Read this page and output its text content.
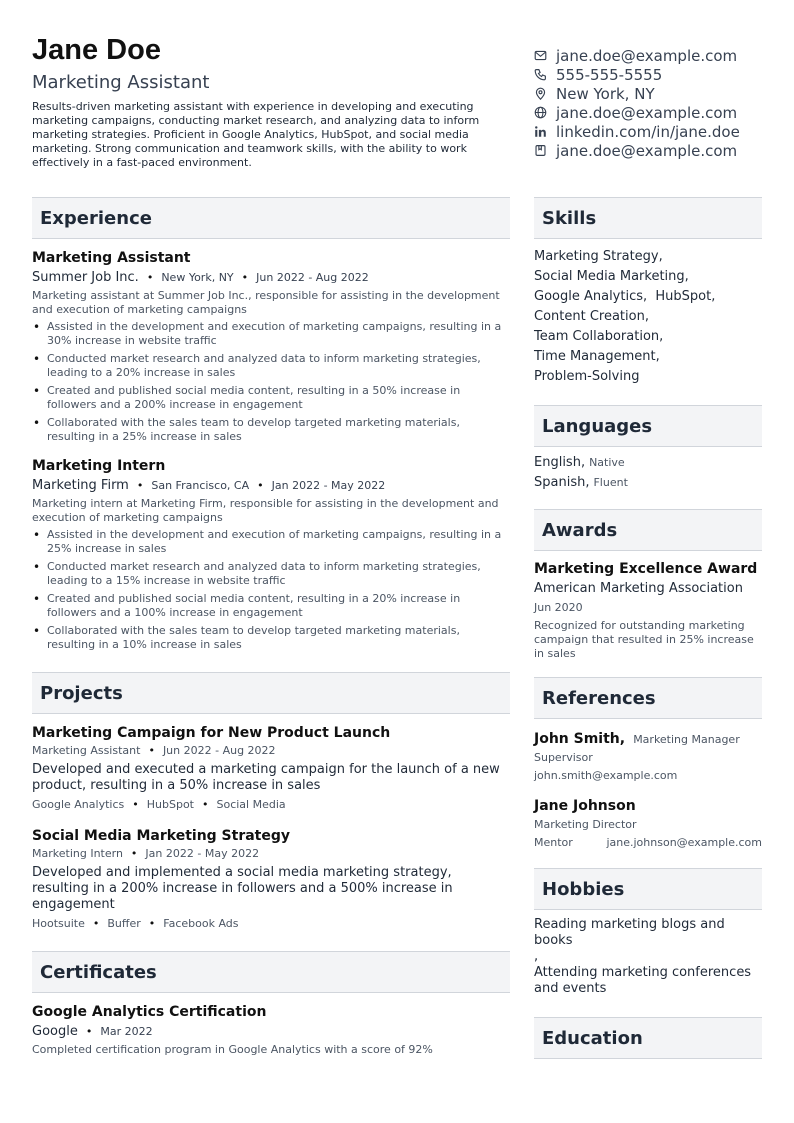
Jane Doe
Marketing Assistant
Results-driven marketing assistant with experience in developing and executing marketing campaigns, conducting market research, and analyzing data to inform marketing strategies. Proficient in Google Analytics, HubSpot, and social media marketing. Strong communication and teamwork skills, with the ability to work effectively in a fast-paced environment.
jane.doe@example.com
555-555-5555
New York, NY
jane.doe@example.com
linkedin.com/in/jane.doe
jane.doe@example.com
Experience
Marketing Assistant
Summer Job Inc. • New York, NY • Jun 2022 - Aug 2022
Marketing assistant at Summer Job Inc., responsible for assisting in the development and execution of marketing campaigns
• Assisted in the development and execution of marketing campaigns, resulting in a 30% increase in website traffic
• Conducted market research and analyzed data to inform marketing strategies, leading to a 20% increase in sales
• Created and published social media content, resulting in a 50% increase in followers and a 200% increase in engagement
• Collaborated with the sales team to develop targeted marketing materials, resulting in a 25% increase in sales
Marketing Intern
Marketing Firm • San Francisco, CA • Jan 2022 - May 2022
Marketing intern at Marketing Firm, responsible for assisting in the development and execution of marketing campaigns
• Assisted in the development and execution of marketing campaigns, resulting in a 25% increase in sales
• Conducted market research and analyzed data to inform marketing strategies, leading to a 15% increase in website traffic
• Created and published social media content, resulting in a 20% increase in followers and a 100% increase in engagement
• Collaborated with the sales team to develop targeted marketing materials, resulting in a 10% increase in sales
Projects
Marketing Campaign for New Product Launch
Marketing Assistant • Jun 2022 - Aug 2022
Developed and executed a marketing campaign for the launch of a new product, resulting in a 50% increase in sales
Google Analytics • HubSpot • Social Media
Social Media Marketing Strategy
Marketing Intern • Jan 2022 - May 2022
Developed and implemented a social media marketing strategy, resulting in a 200% increase in followers and a 500% increase in engagement
Hootsuite • Buffer • Facebook Ads
Certificates
Google Analytics Certification
Google • Mar 2022
Completed certification program in Google Analytics with a score of 92%
Skills
Marketing Strategy,
Social Media Marketing,
Google Analytics, HubSpot,
Content Creation,
Team Collaboration,
Time Management,
Problem-Solving
Languages
English, Native
Spanish, Fluent
Awards
Marketing Excellence Award
American Marketing Association
Jun 2020
Recognized for outstanding marketing campaign that resulted in 25% increase in sales
References
John Smith, Marketing Manager
Supervisor
john.smith@example.com
Jane Johnson
Marketing Director
Mentor	jane.johnson@example.com
Hobbies
Reading marketing blogs and books
,
Attending marketing conferences and events
Education
